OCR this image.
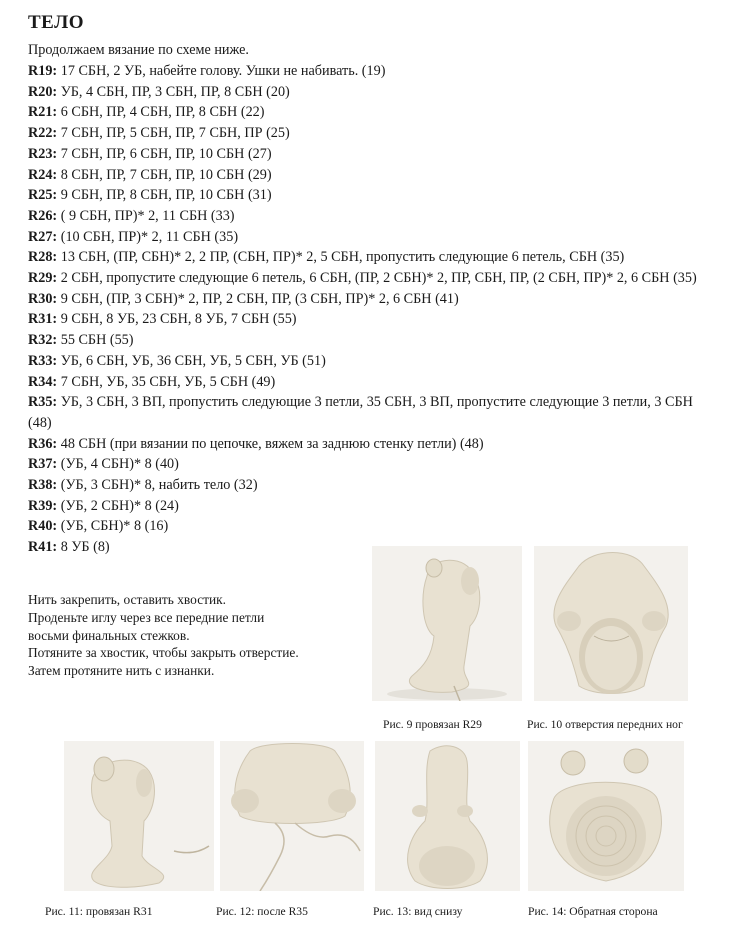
ТЕЛО
Продолжаем вязание по схеме ниже.
R19: 17 СБН, 2 УБ, набейте голову. Ушки не набивать. (19)
R20: УБ, 4 СБН, ПР, 3 СБН, ПР, 8 СБН (20)
R21: 6 СБН, ПР, 4 СБН, ПР, 8 СБН (22)
R22: 7 СБН, ПР, 5 СБН, ПР, 7 СБН, ПР (25)
R23: 7 СБН, ПР, 6 СБН, ПР, 10 СБН (27)
R24: 8 СБН, ПР, 7 СБН, ПР, 10 СБН (29)
R25: 9 СБН, ПР, 8 СБН, ПР, 10 СБН (31)
R26: ( 9 СБН, ПР)* 2, 11 СБН (33)
R27: (10 СБН, ПР)* 2, 11 СБН (35)
R28: 13 СБН, (ПР, СБН)* 2, 2 ПР, (СБН, ПР)* 2, 5 СБН, пропустить следующие 6 петель, СБН (35)
R29: 2 СБН, пропустите следующие 6 петель, 6 СБН, (ПР, 2 СБН)* 2, ПР, СБН, ПР, (2 СБН, ПР)* 2, 6 СБН (35)
R30: 9 СБН, (ПР, 3 СБН)* 2, ПР, 2 СБН, ПР, (3 СБН, ПР)* 2, 6 СБН (41)
R31: 9 СБН, 8 УБ, 23 СБН, 8 УБ, 7 СБН (55)
R32: 55 СБН (55)
R33: УБ, 6 СБН, УБ, 36 СБН, УБ, 5 СБН, УБ (51)
R34: 7 СБН, УБ, 35 СБН, УБ, 5 СБН (49)
R35: УБ, 3 СБН, 3 ВП, пропустить следующие 3 петли, 35 СБН, 3 ВП, пропустите следующие 3 петли, 3 СБН (48)
R36: 48 СБН (при вязании по цепочке, вяжем за заднюю стенку петли) (48)
R37: (УБ, 4 СБН)* 8 (40)
R38: (УБ, 3 СБН)* 8, набить тело (32)
R39: (УБ, 2 СБН)* 8 (24)
R40: (УБ, СБН)* 8 (16)
R41: 8 УБ (8)
Нить закрепить, оставить хвостик.
Проденьте иглу через все передние петли
восьми финальных стежков.
Потяните за хвостик, чтобы закрыть отверстие.
Затем протяните нить с изнанки.
Рис. 9 провязан R29	Рис. 10 отверстия передних ног
Рис. 11: провязан R31	Рис. 12: после R35	Рис. 13: вид снизу	Рис. 14: Обратная сторона
